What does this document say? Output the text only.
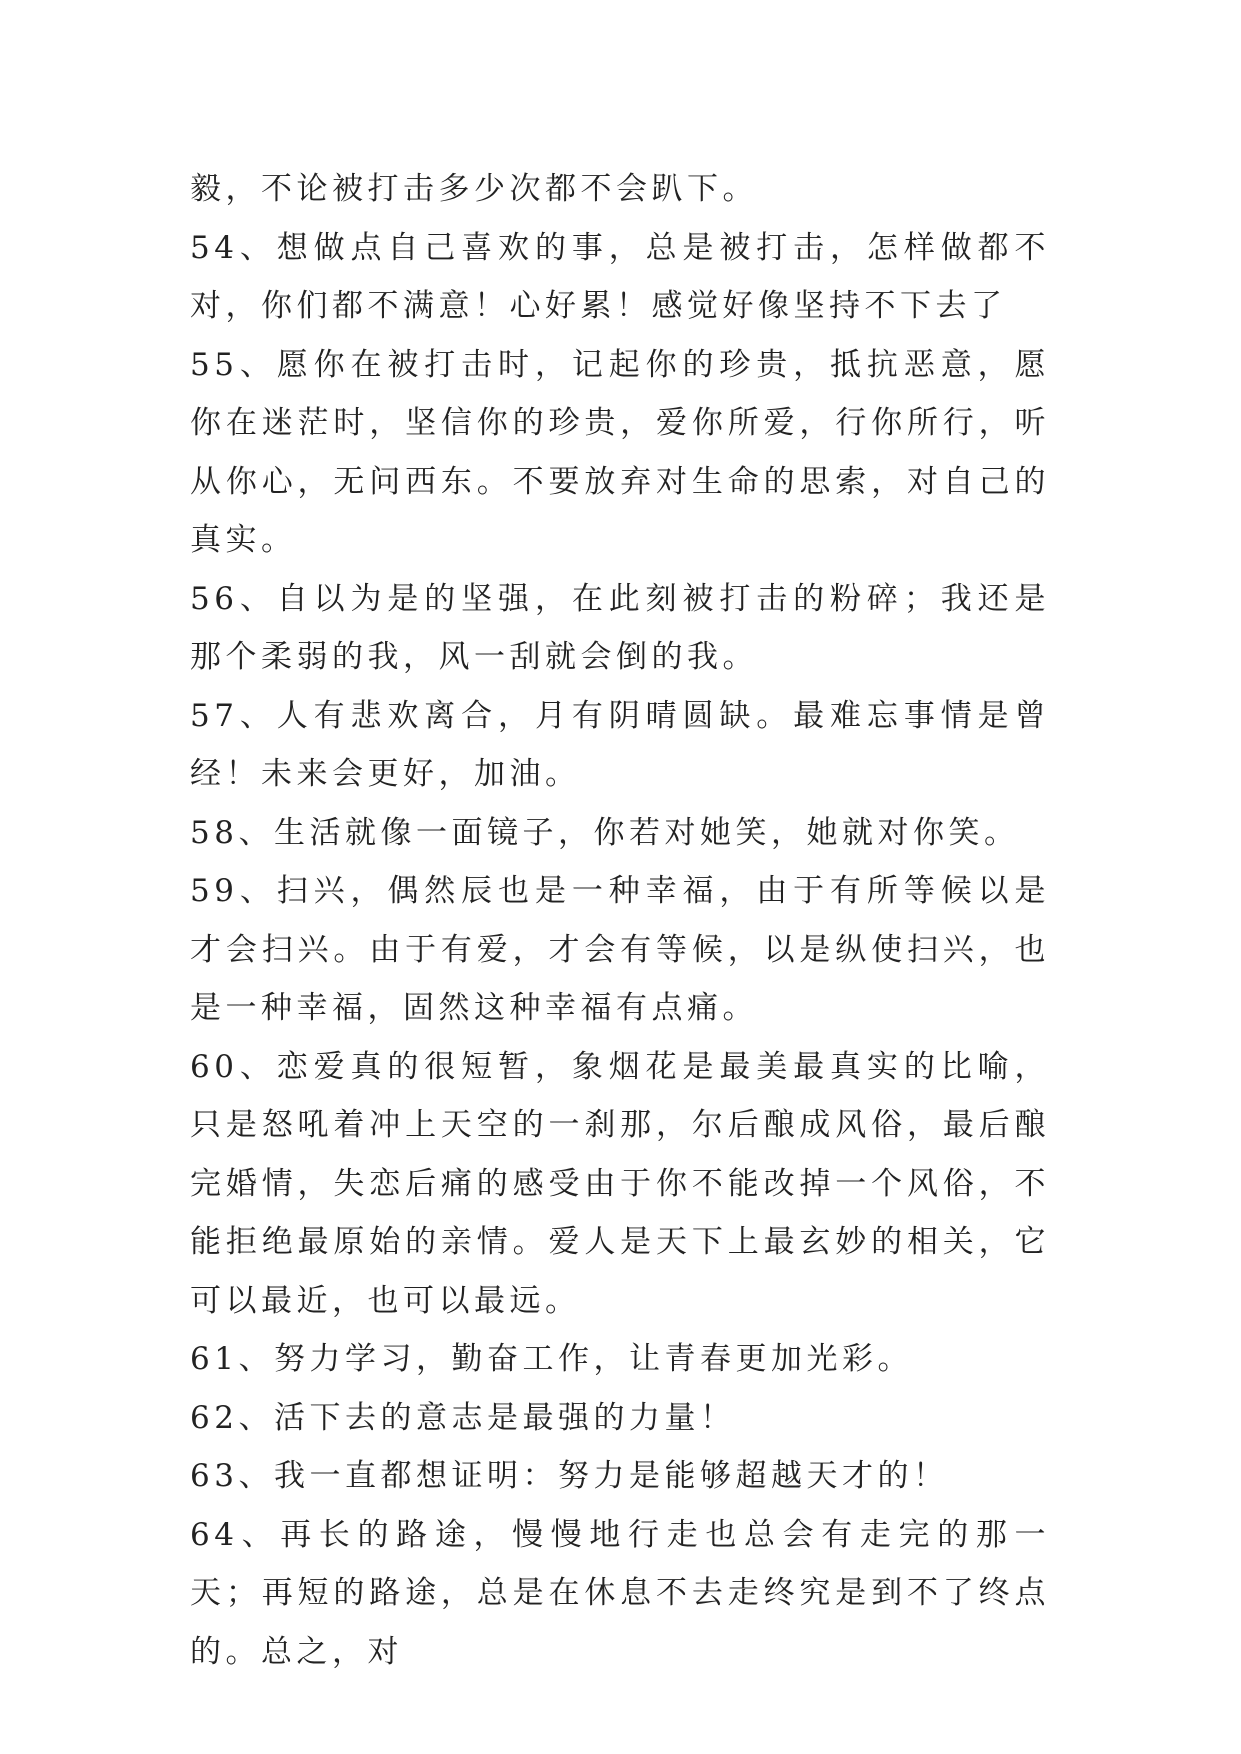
毅，不论被打击多少次都不会趴下。

54、想做点自己喜欢的事，总是被打击，怎样做都不对，你们都不满意！心好累！感觉好像坚持不下去了

55、愿你在被打击时，记起你的珍贵，抵抗恶意，愿你在迷茫时，坚信你的珍贵，爱你所爱，行你所行，听从你心，无问西东。不要放弃对生命的思索，对自己的真实。

56、自以为是的坚强，在此刻被打击的粉碎；我还是那个柔弱的我，风一刮就会倒的我。

57、人有悲欢离合，月有阴晴圆缺。最难忘事情是曾经！未来会更好，加油。

58、生活就像一面镜子，你若对她笑，她就对你笑。

59、扫兴，偶然辰也是一种幸福，由于有所等候以是才会扫兴。由于有爱，才会有等候，以是纵使扫兴，也是一种幸福，固然这种幸福有点痛。

60、恋爱真的很短暂，象烟花是最美最真实的比喻，只是怒吼着冲上天空的一刹那，尔后酿成风俗，最后酿完婚情，失恋后痛的感受由于你不能改掉一个风俗，不能拒绝最原始的亲情。爱人是天下上最玄妙的相关，它可以最近，也可以最远。

61、努力学习，勤奋工作，让青春更加光彩。

62、活下去的意志是最强的力量！

63、我一直都想证明：努力是能够超越天才的！

64、再长的路途，慢慢地行走也总会有走完的那一天；再短的路途，总是在休息不去走终究是到不了终点的。总之，对
